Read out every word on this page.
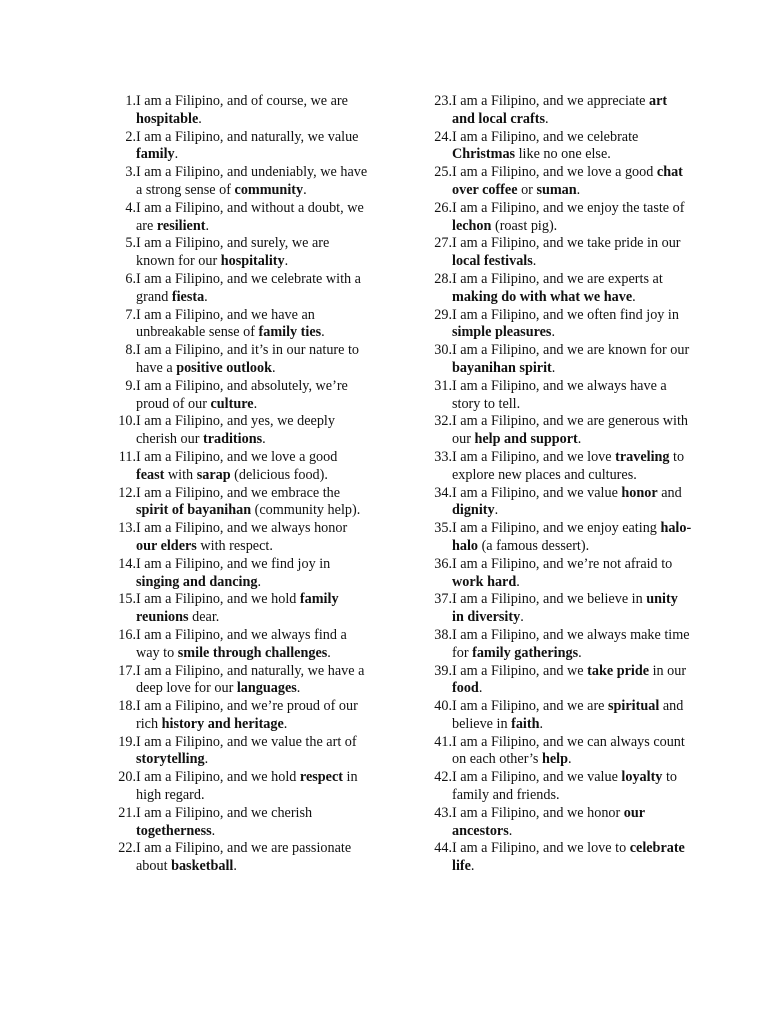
1. I am a Filipino, and of course, we are hospitable.
2. I am a Filipino, and naturally, we value family.
3. I am a Filipino, and undeniably, we have a strong sense of community.
4. I am a Filipino, and without a doubt, we are resilient.
5. I am a Filipino, and surely, we are known for our hospitality.
6. I am a Filipino, and we celebrate with a grand fiesta.
7. I am a Filipino, and we have an unbreakable sense of family ties.
8. I am a Filipino, and it’s in our nature to have a positive outlook.
9. I am a Filipino, and absolutely, we’re proud of our culture.
10. I am a Filipino, and yes, we deeply cherish our traditions.
11. I am a Filipino, and we love a good feast with sarap (delicious food).
12. I am a Filipino, and we embrace the spirit of bayanihan (community help).
13. I am a Filipino, and we always honor our elders with respect.
14. I am a Filipino, and we find joy in singing and dancing.
15. I am a Filipino, and we hold family reunions dear.
16. I am a Filipino, and we always find a way to smile through challenges.
17. I am a Filipino, and naturally, we have a deep love for our languages.
18. I am a Filipino, and we’re proud of our rich history and heritage.
19. I am a Filipino, and we value the art of storytelling.
20. I am a Filipino, and we hold respect in high regard.
21. I am a Filipino, and we cherish togetherness.
22. I am a Filipino, and we are passionate about basketball.
23. I am a Filipino, and we appreciate art and local crafts.
24. I am a Filipino, and we celebrate Christmas like no one else.
25. I am a Filipino, and we love a good chat over coffee or suman.
26. I am a Filipino, and we enjoy the taste of lechon (roast pig).
27. I am a Filipino, and we take pride in our local festivals.
28. I am a Filipino, and we are experts at making do with what we have.
29. I am a Filipino, and we often find joy in simple pleasures.
30. I am a Filipino, and we are known for our bayanihan spirit.
31. I am a Filipino, and we always have a story to tell.
32. I am a Filipino, and we are generous with our help and support.
33. I am a Filipino, and we love traveling to explore new places and cultures.
34. I am a Filipino, and we value honor and dignity.
35. I am a Filipino, and we enjoy eating halo-halo (a famous dessert).
36. I am a Filipino, and we’re not afraid to work hard.
37. I am a Filipino, and we believe in unity in diversity.
38. I am a Filipino, and we always make time for family gatherings.
39. I am a Filipino, and we take pride in our food.
40. I am a Filipino, and we are spiritual and believe in faith.
41. I am a Filipino, and we can always count on each other’s help.
42. I am a Filipino, and we value loyalty to family and friends.
43. I am a Filipino, and we honor our ancestors.
44. I am a Filipino, and we love to celebrate life.
